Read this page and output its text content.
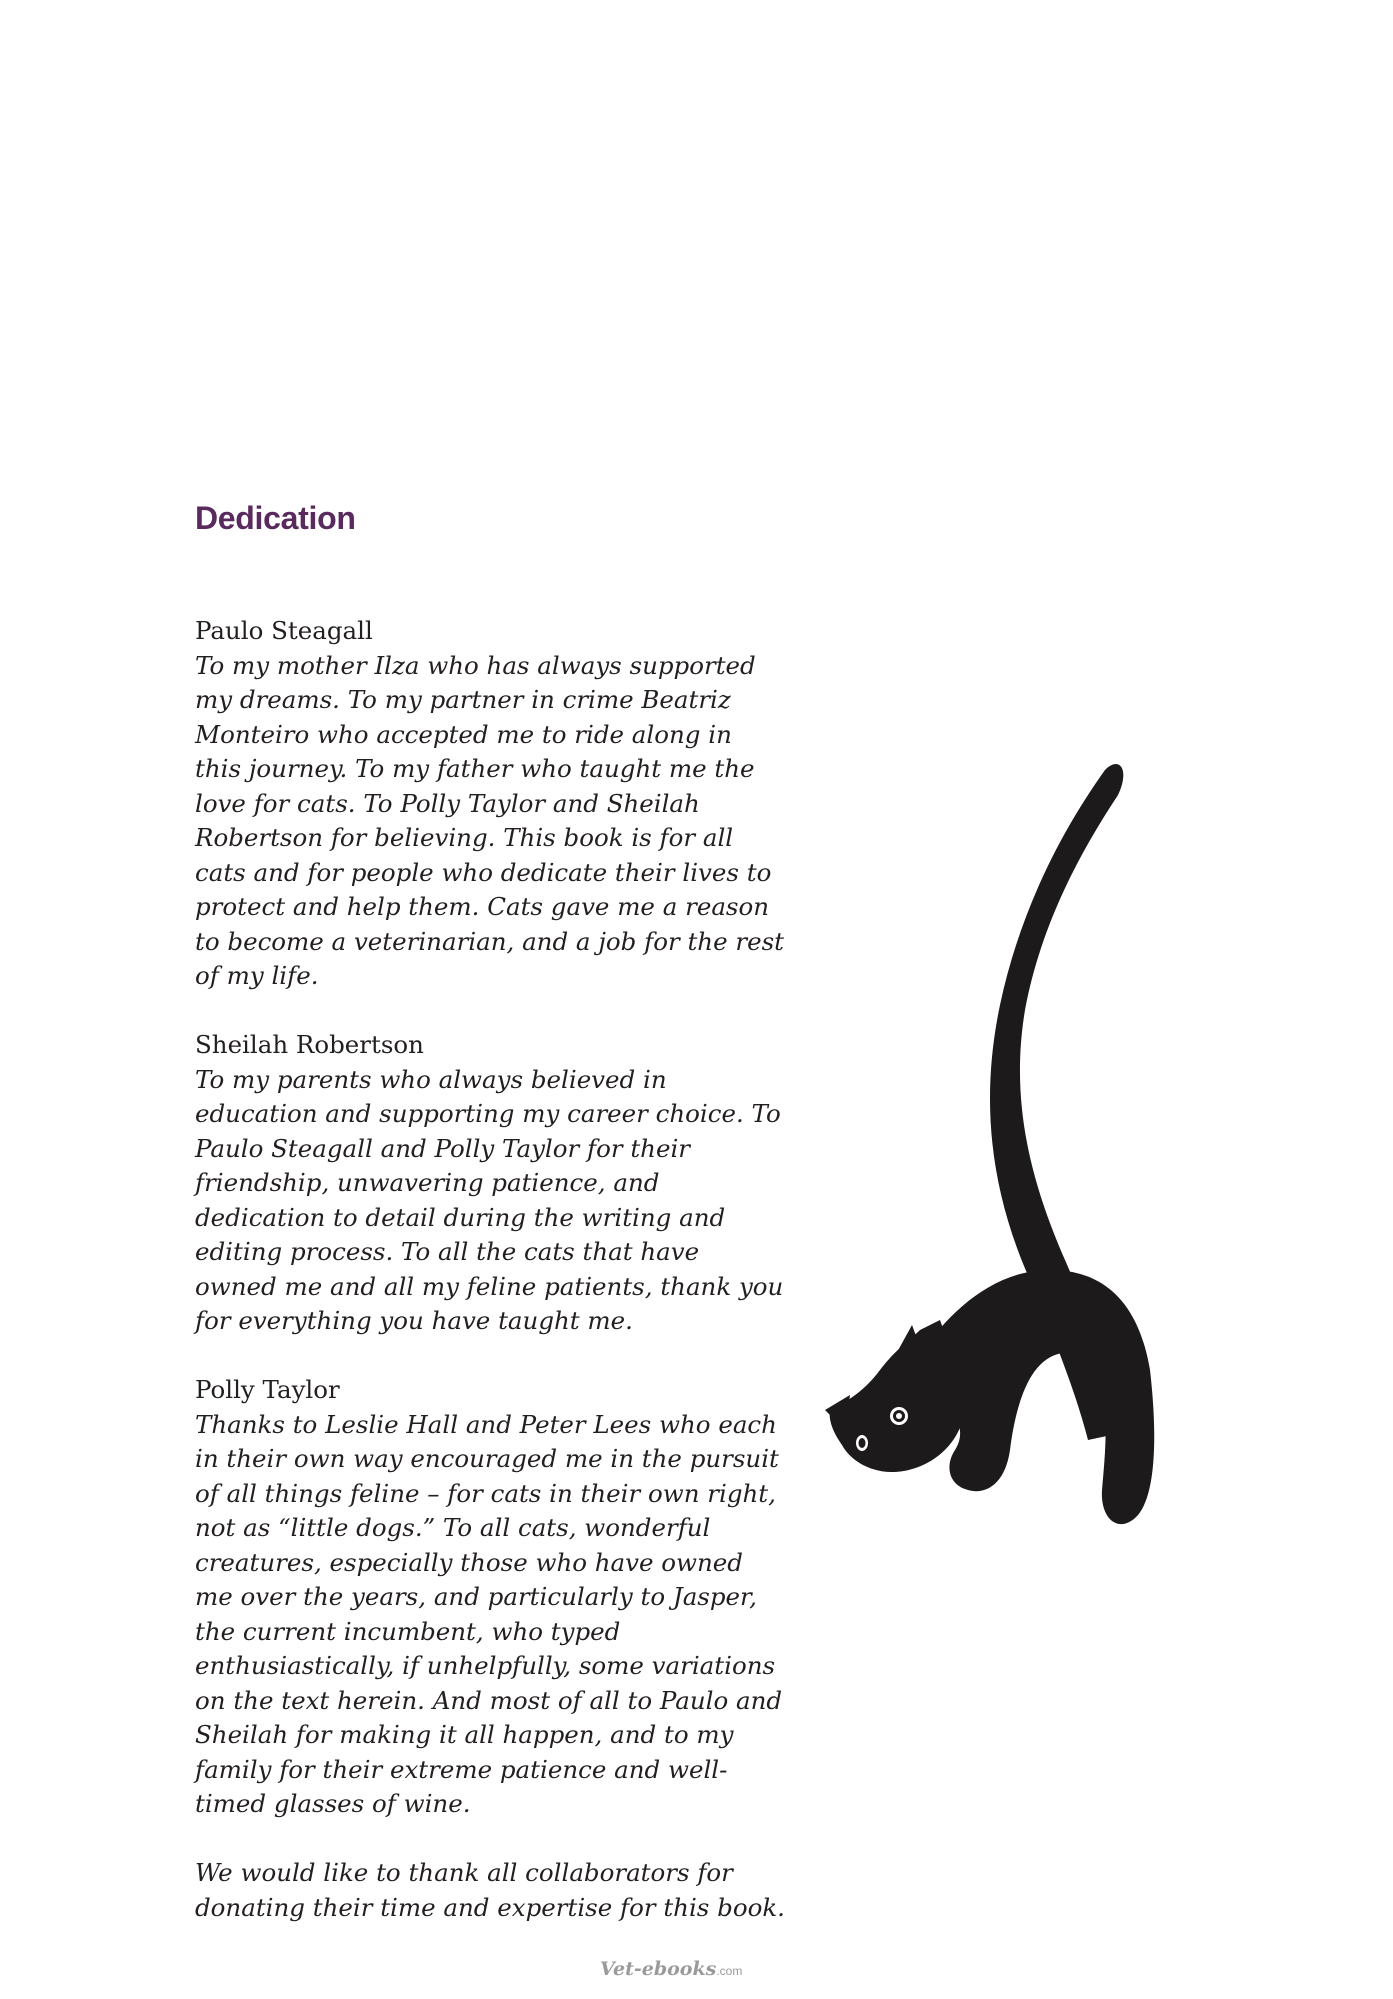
Dedication

Paulo Steagall
To my mother Ilza who has always supported my dreams. To my partner in crime Beatriz Monteiro who accepted me to ride along in this journey. To my father who taught me the love for cats. To Polly Taylor and Sheilah Robertson for believing. This book is for all cats and for people who dedicate their lives to protect and help them. Cats gave me a reason to become a veterinarian, and a job for the rest of my life.

Sheilah Robertson
To my parents who always believed in education and supporting my career choice. To Paulo Steagall and Polly Taylor for their friendship, unwavering patience, and dedication to detail during the writing and editing process. To all the cats that have owned me and all my feline patients, thank you for everything you have taught me.

Polly Taylor
Thanks to Leslie Hall and Peter Lees who each in their own way encouraged me in the pursuit of all things feline – for cats in their own right, not as “little dogs.” To all cats, wonderful creatures, especially those who have owned me over the years, and particularly to Jasper, the current incumbent, who typed enthusiastically, if unhelpfully, some variations on the text herein. And most of all to Paulo and Sheilah for making it all happen, and to my family for their extreme patience and well-timed glasses of wine.

We would like to thank all collaborators for donating their time and expertise for this book.

Vet-ebooks.com
